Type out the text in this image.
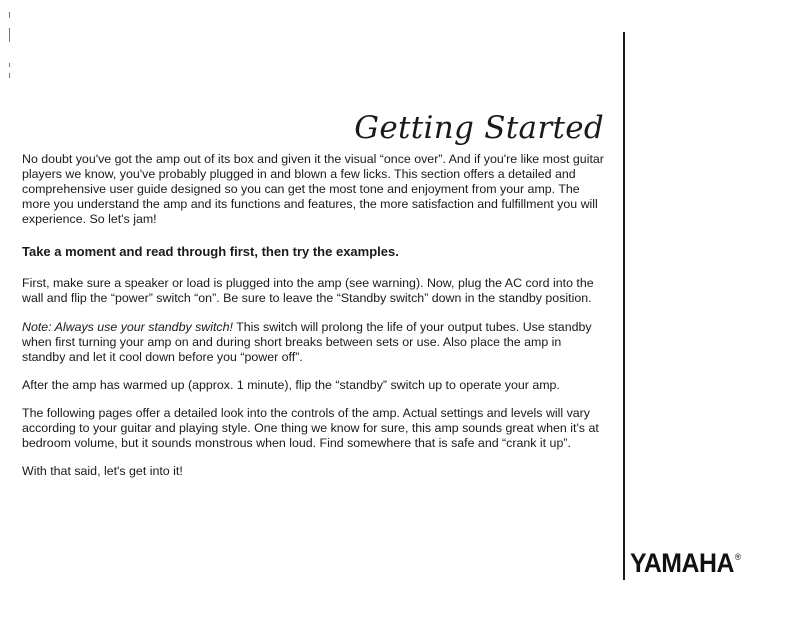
Getting Started

No doubt you've got the amp out of its box and given it the visual “once over”. And if you're like most guitar players we know, you've probably plugged in and blown a few licks. This section offers a detailed and comprehensive user guide designed so you can get the most tone and enjoyment from your amp. The more you understand the amp and its functions and features, the more satisfaction and fulfillment you will experience. So let's jam!

Take a moment and read through first, then try the examples.

First, make sure a speaker or load is plugged into the amp (see warning). Now, plug the AC cord into the wall and flip the “power” switch “on”. Be sure to leave the “Standby switch” down in the standby position.

Note: Always use your standby switch! This switch will prolong the life of your output tubes. Use standby when first turning your amp on and during short breaks between sets or use. Also place the amp in standby and let it cool down before you “power off”.

After the amp has warmed up (approx. 1 minute), flip the “standby” switch up to operate your amp.

The following pages offer a detailed look into the controls of the amp. Actual settings and levels will vary according to your guitar and playing style. One thing we know for sure, this amp sounds great when it's at bedroom volume, but it sounds monstrous when loud. Find somewhere that is safe and “crank it up”.

With that said, let's get into it!

YAMAHA®
